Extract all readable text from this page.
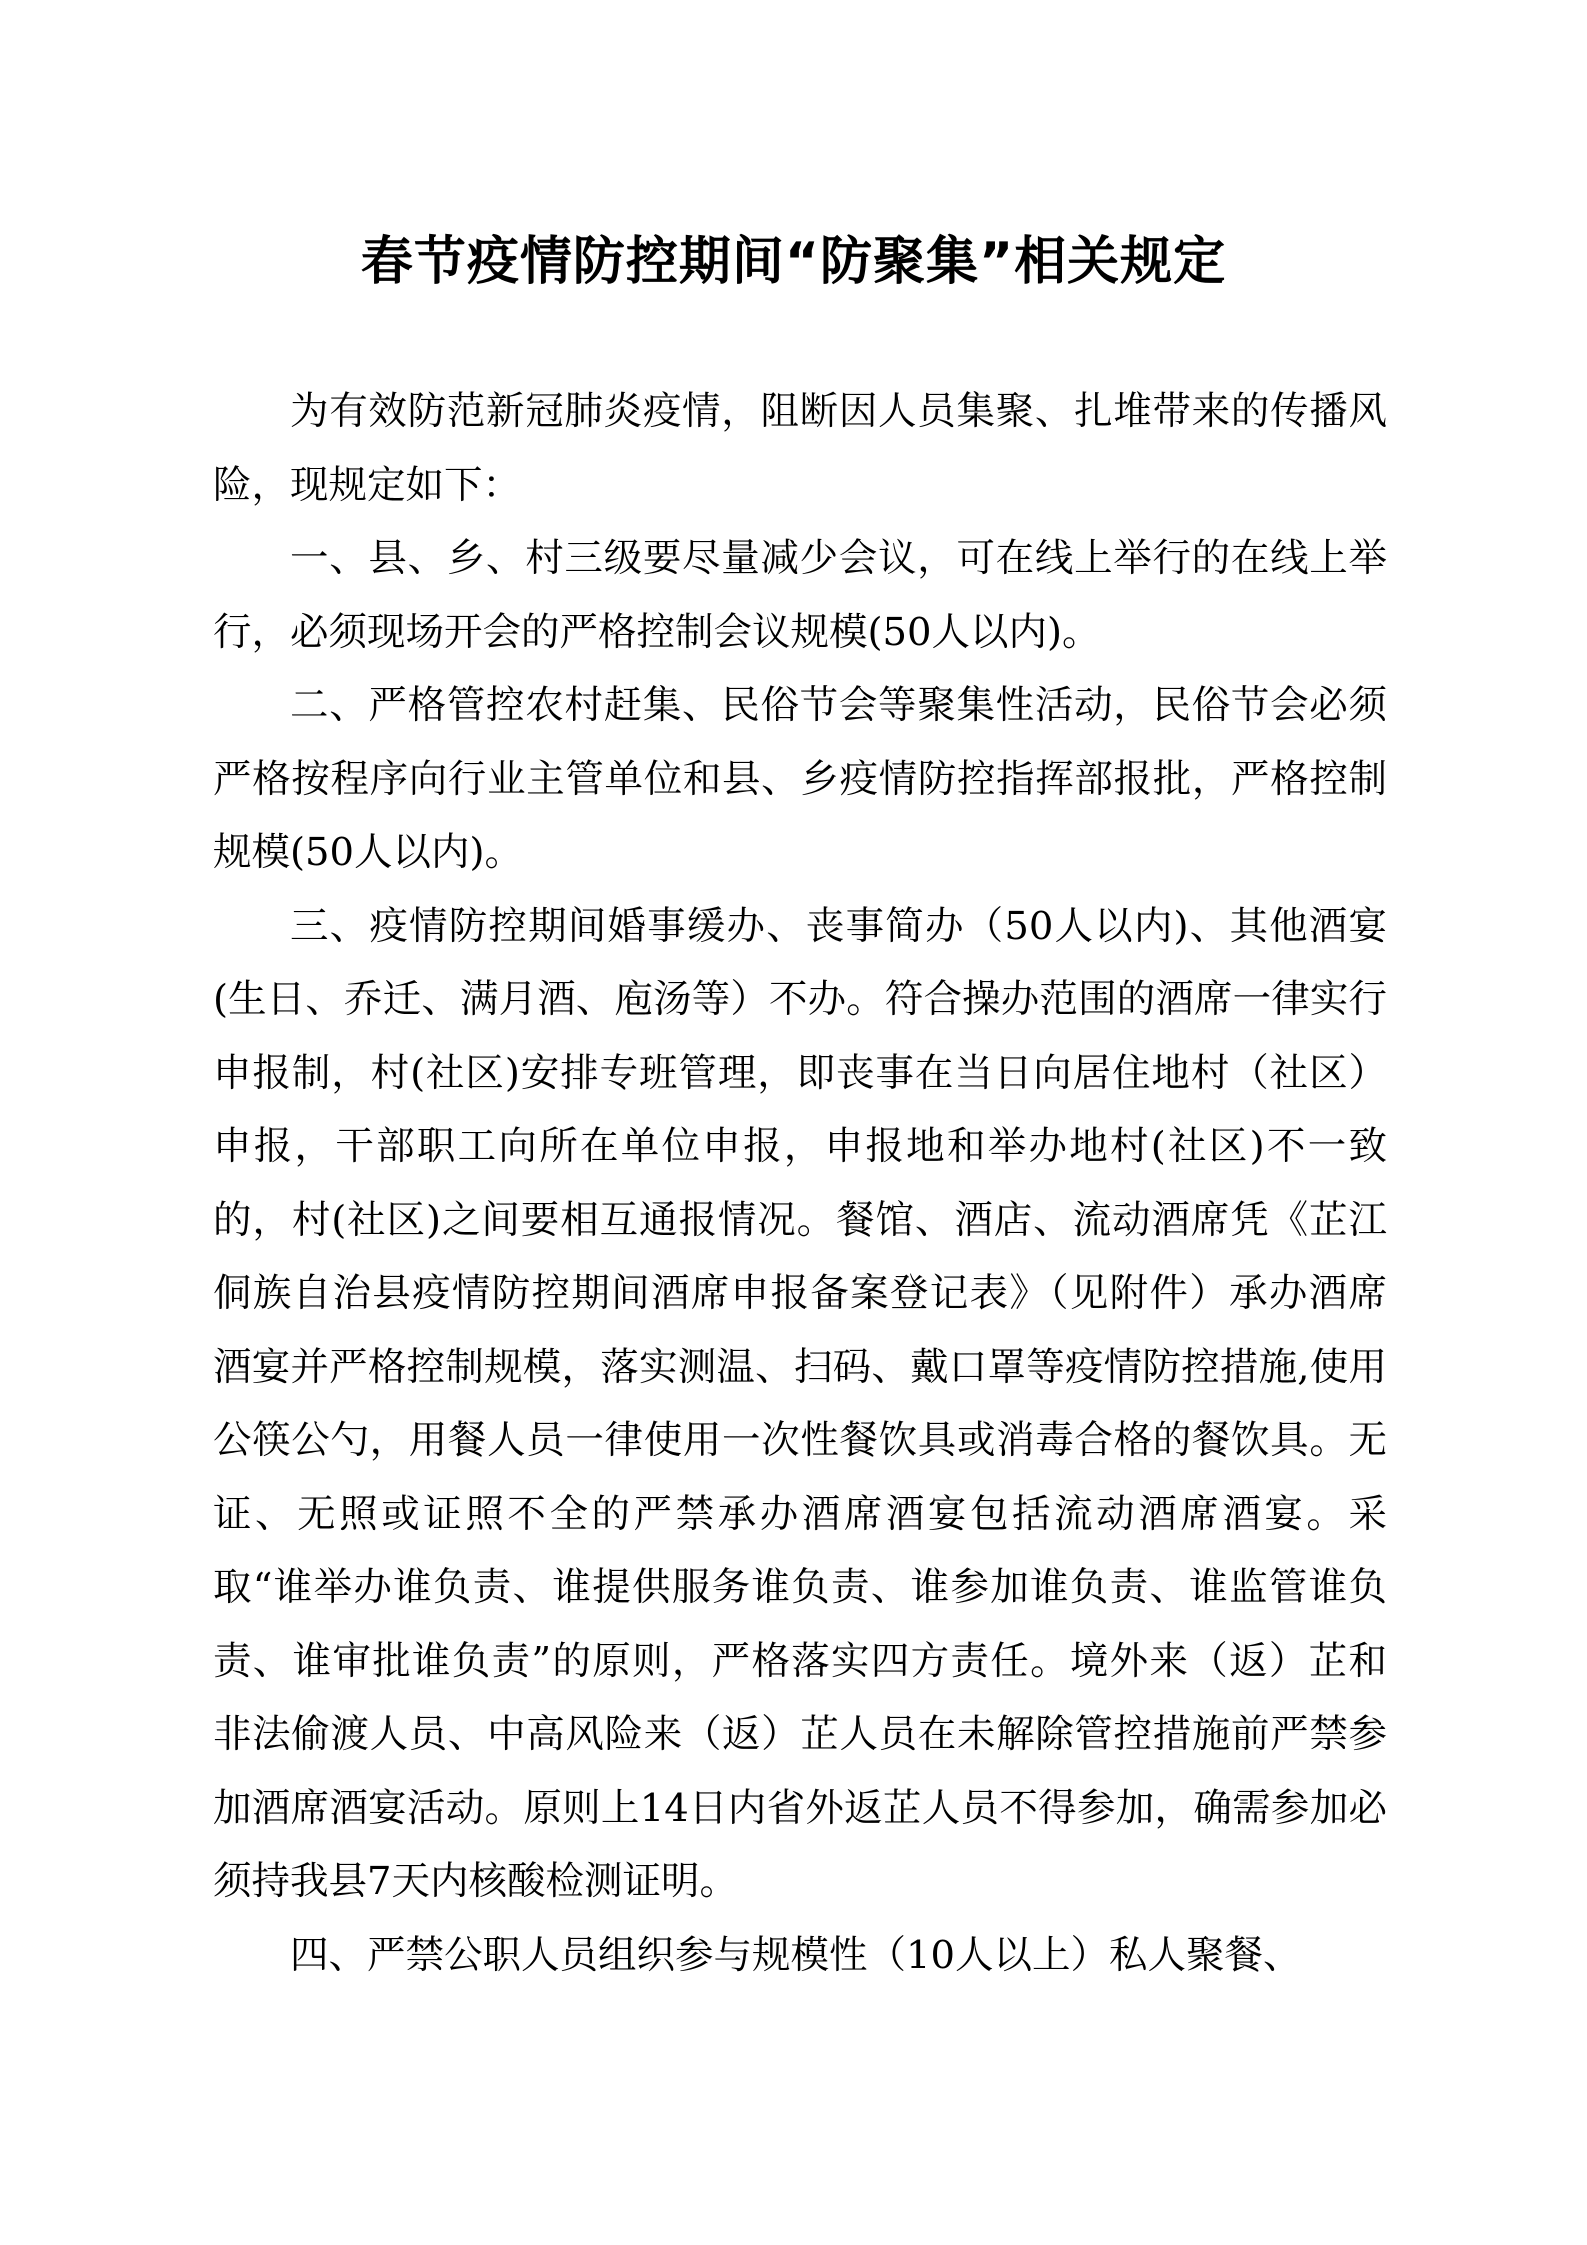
春节疫情防控期间“防聚集”相关规定

为有效防范新冠肺炎疫情，阻断因人员集聚、扎堆带来的传播风险，现规定如下：

一、县、乡、村三级要尽量减少会议，可在线上举行的在线上举行，必须现场开会的严格控制会议规模(50人以内)。

二、严格管控农村赶集、民俗节会等聚集性活动，民俗节会必须严格按程序向行业主管单位和县、乡疫情防控指挥部报批，严格控制规模(50人以内)。

三、疫情防控期间婚事缓办、丧事简办（50人以内)、其他酒宴(生日、乔迁、满月酒、庖汤等）不办。符合操办范围的酒席一律实行申报制，村(社区)安排专班管理，即丧事在当日向居住地村（社区）申报，干部职工向所在单位申报，申报地和举办地村(社区)不一致的，村(社区)之间要相互通报情况。餐馆、酒店、流动酒席凭《芷江侗族自治县疫情防控期间酒席申报备案登记表》（见附件）承办酒席酒宴并严格控制规模，落实测温、扫码、戴口罩等疫情防控措施,使用公筷公勺，用餐人员一律使用一次性餐饮具或消毒合格的餐饮具。无证、无照或证照不全的严禁承办酒席酒宴包括流动酒席酒宴。采取“谁举办谁负责、谁提供服务谁负责、谁参加谁负责、谁监管谁负责、谁审批谁负责”的原则，严格落实四方责任。境外来（返）芷和非法偷渡人员、中高风险来（返）芷人员在未解除管控措施前严禁参加酒席酒宴活动。原则上14日内省外返芷人员不得参加，确需参加必须持我县7天内核酸检测证明。

四、严禁公职人员组织参与规模性（10人以上）私人聚餐、
